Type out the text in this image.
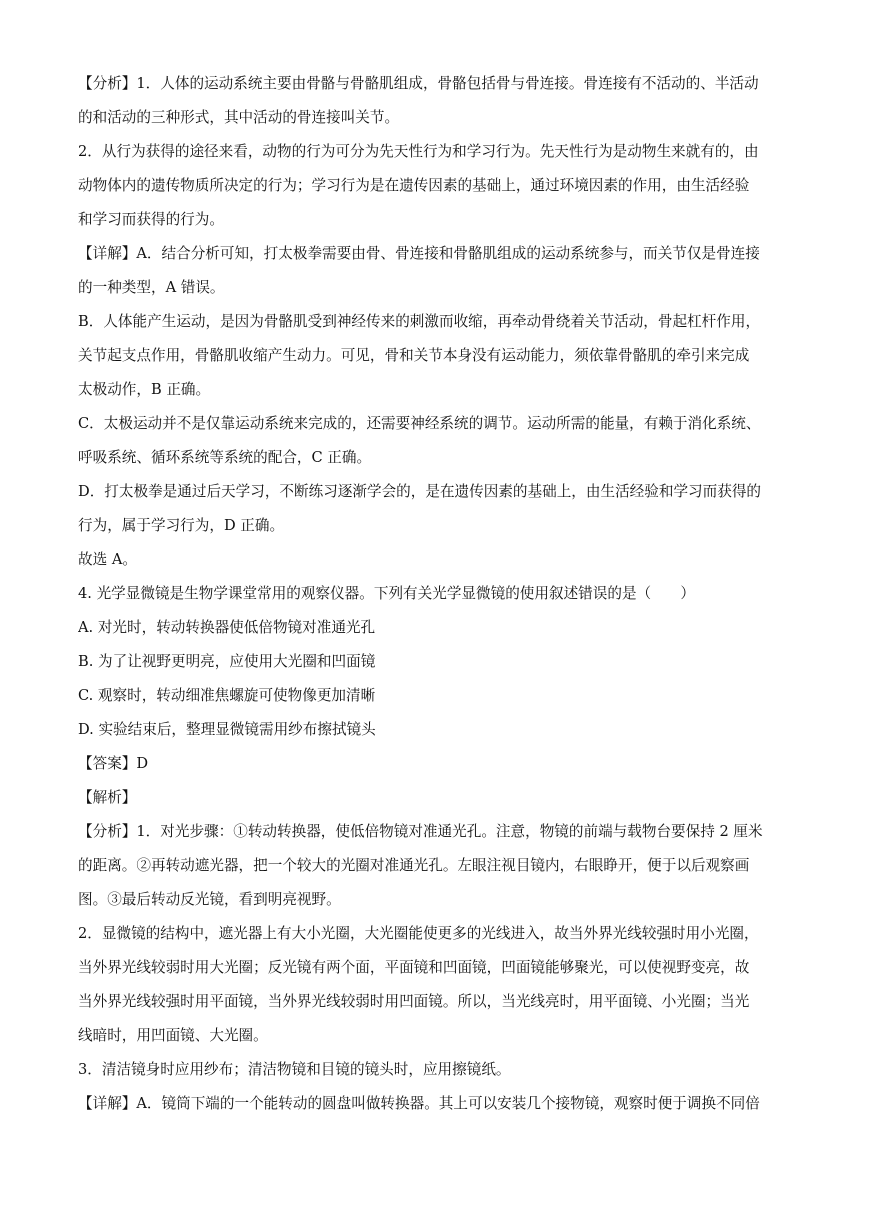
【分析】1．人体的运动系统主要由骨骼与骨骼肌组成，骨骼包括骨与骨连接。骨连接有不活动的、半活动
的和活动的三种形式，其中活动的骨连接叫关节。
2．从行为获得的途径来看，动物的行为可分为先天性行为和学习行为。先天性行为是动物生来就有的，由
动物体内的遗传物质所决定的行为；学习行为是在遗传因素的基础上，通过环境因素的作用，由生活经验
和学习而获得的行为。
【详解】A．结合分析可知，打太极拳需要由骨、骨连接和骨骼肌组成的运动系统参与，而关节仅是骨连接
的一种类型，A 错误。
B．人体能产生运动，是因为骨骼肌受到神经传来的刺激而收缩，再牵动骨绕着关节活动，骨起杠杆作用，
关节起支点作用，骨骼肌收缩产生动力。可见，骨和关节本身没有运动能力，须依靠骨骼肌的牵引来完成
太极动作，B 正确。
C．太极运动并不是仅靠运动系统来完成的，还需要神经系统的调节。运动所需的能量，有赖于消化系统、
呼吸系统、循环系统等系统的配合，C 正确。
D．打太极拳是通过后天学习，不断练习逐渐学会的，是在遗传因素的基础上，由生活经验和学习而获得的
行为，属于学习行为，D 正确。
故选 A。
4. 光学显微镜是生物学课堂常用的观察仪器。下列有关光学显微镜的使用叙述错误的是（　　）
A. 对光时，转动转换器使低倍物镜对准通光孔
B. 为了让视野更明亮，应使用大光圈和凹面镜
C. 观察时，转动细准焦螺旋可使物像更加清晰
D. 实验结束后，整理显微镜需用纱布擦拭镜头
【答案】D
【解析】
【分析】1．对光步骤：①转动转换器，使低倍物镜对准通光孔。注意，物镜的前端与载物台要保持 2 厘米
的距离。②再转动遮光器，把一个较大的光圈对准通光孔。左眼注视目镜内，右眼睁开，便于以后观察画
图。③最后转动反光镜，看到明亮视野。
2．显微镜的结构中，遮光器上有大小光圈，大光圈能使更多的光线进入，故当外界光线较强时用小光圈，
当外界光线较弱时用大光圈；反光镜有两个面，平面镜和凹面镜，凹面镜能够聚光，可以使视野变亮，故
当外界光线较强时用平面镜，当外界光线较弱时用凹面镜。所以，当光线亮时，用平面镜、小光圈；当光
线暗时，用凹面镜、大光圈。
3．清洁镜身时应用纱布；清洁物镜和目镜的镜头时，应用擦镜纸。
【详解】A．镜筒下端的一个能转动的圆盘叫做转换器。其上可以安装几个接物镜，观察时便于调换不同倍
